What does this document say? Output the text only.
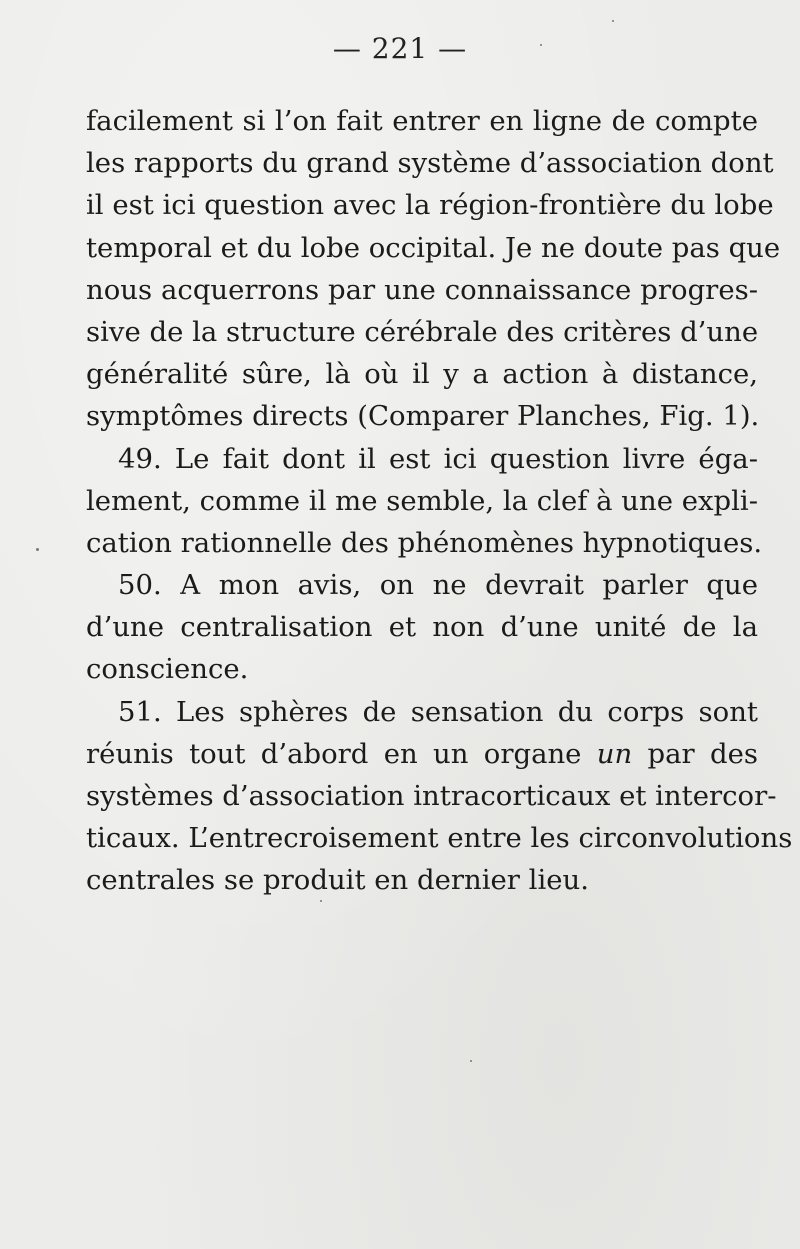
— 221 —
facilement si l’on fait entrer en ligne de compte
les rapports du grand système d’association dont
il est ici question avec la région-frontière du lobe
temporal et du lobe occipital. Je ne doute pas que
nous acquerrons par une connaissance progres-
sive de la structure cérébrale des critères d’une
généralité sûre, là où il y a action à distance,
symptômes directs (Comparer Planches, Fig. 1).
49. Le fait dont il est ici question livre éga-
lement, comme il me semble, la clef à une expli-
cation rationnelle des phénomènes hypnotiques.
50. A mon avis, on ne devrait parler que
d’une centralisation et non d’une unité de la
conscience.
51. Les sphères de sensation du corps sont
réunis tout d’abord en un organe un par des
systèmes d’association intracorticaux et intercor-
ticaux. L’entrecroisement entre les circonvolutions
centrales se produit en dernier lieu.
